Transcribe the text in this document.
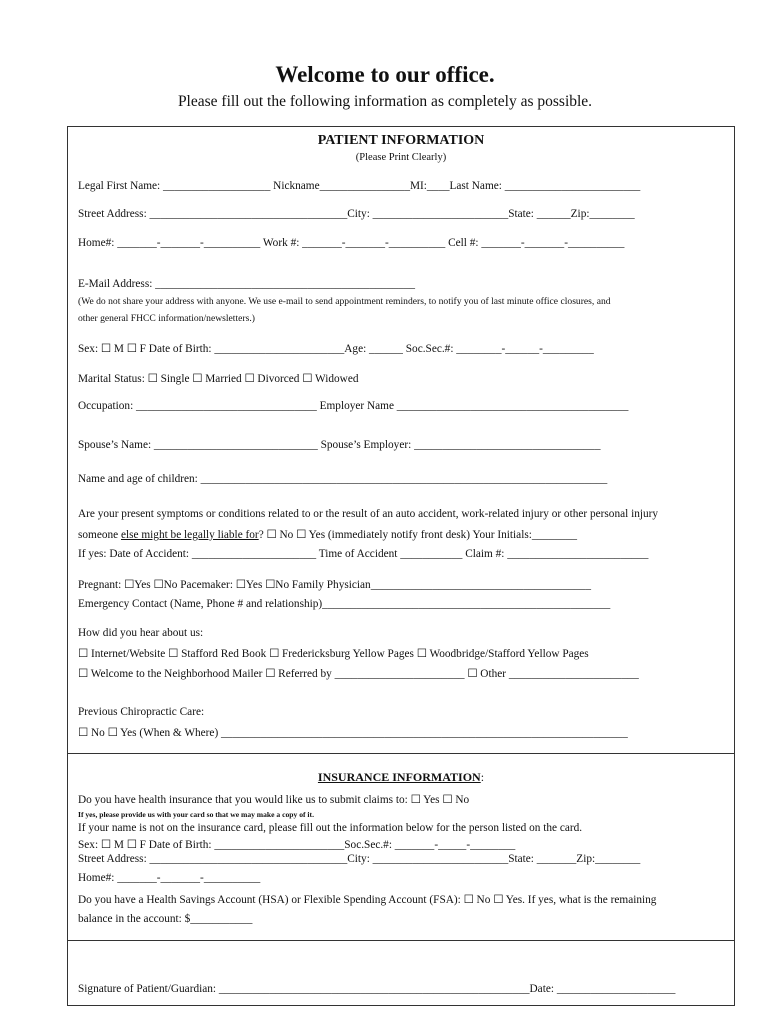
Welcome to our office.
Please fill out the following information as completely as possible.
PATIENT INFORMATION
(Please Print Clearly)
Legal First Name: ___________________ Nickname________________MI:____Last Name: ________________________
Street Address: ___________________________________City: ________________________State: ______Zip:________
Home#: _______-_______-__________ Work #: _______-_______-__________ Cell #: _______-_______-__________
E-Mail Address: ______________________________________________
(We do not share your address with anyone. We use e-mail to send appointment reminders, to notify you of last minute office closures, and
other general FHCC information/newsletters.)
Sex: ☐ M ☐ F Date of Birth: _______________________Age: ______ Soc.Sec.#: ________-______-_________
Marital Status: ☐ Single ☐ Married ☐ Divorced ☐ Widowed
Occupation: ________________________________ Employer Name _________________________________________
Spouse’s Name: _____________________________ Spouse’s Employer: _________________________________
Name and age of children: ________________________________________________________________________
Are your present symptoms or conditions related to or the result of an auto accident, work-related injury or other personal injury
someone else might be legally liable for? ☐ No ☐ Yes (immediately notify front desk) Your Initials:________
If yes: Date of Accident: ______________________ Time of Accident ___________ Claim #: _________________________
Pregnant: ☐Yes ☐No Pacemaker: ☐Yes ☐No Family Physician_______________________________________
Emergency Contact (Name, Phone # and relationship)___________________________________________________
How did you hear about us:
☐ Internet/Website ☐ Stafford Red Book ☐ Fredericksburg Yellow Pages ☐ Woodbridge/Stafford Yellow Pages
☐ Welcome to the Neighborhood Mailer ☐ Referred by _______________________ ☐ Other _______________________
Previous Chiropractic Care:
☐ No ☐ Yes (When & Where) ________________________________________________________________________
INSURANCE INFORMATION:
Do you have health insurance that you would like us to submit claims to: ☐ Yes ☐ No
If yes, please provide us with your card so that we may make a copy of it.
If your name is not on the insurance card, please fill out the information below for the person listed on the card.
Sex: ☐ M ☐ F Date of Birth: _______________________Soc.Sec.#: _______-_____-________
Street Address: ___________________________________City: ________________________State: _______Zip:________
Home#: _______-_______-__________
Do you have a Health Savings Account (HSA) or Flexible Spending Account (FSA): ☐ No ☐ Yes. If yes, what is the remaining
balance in the account: $___________
Signature of Patient/Guardian: _______________________________________________________Date: _____________________
